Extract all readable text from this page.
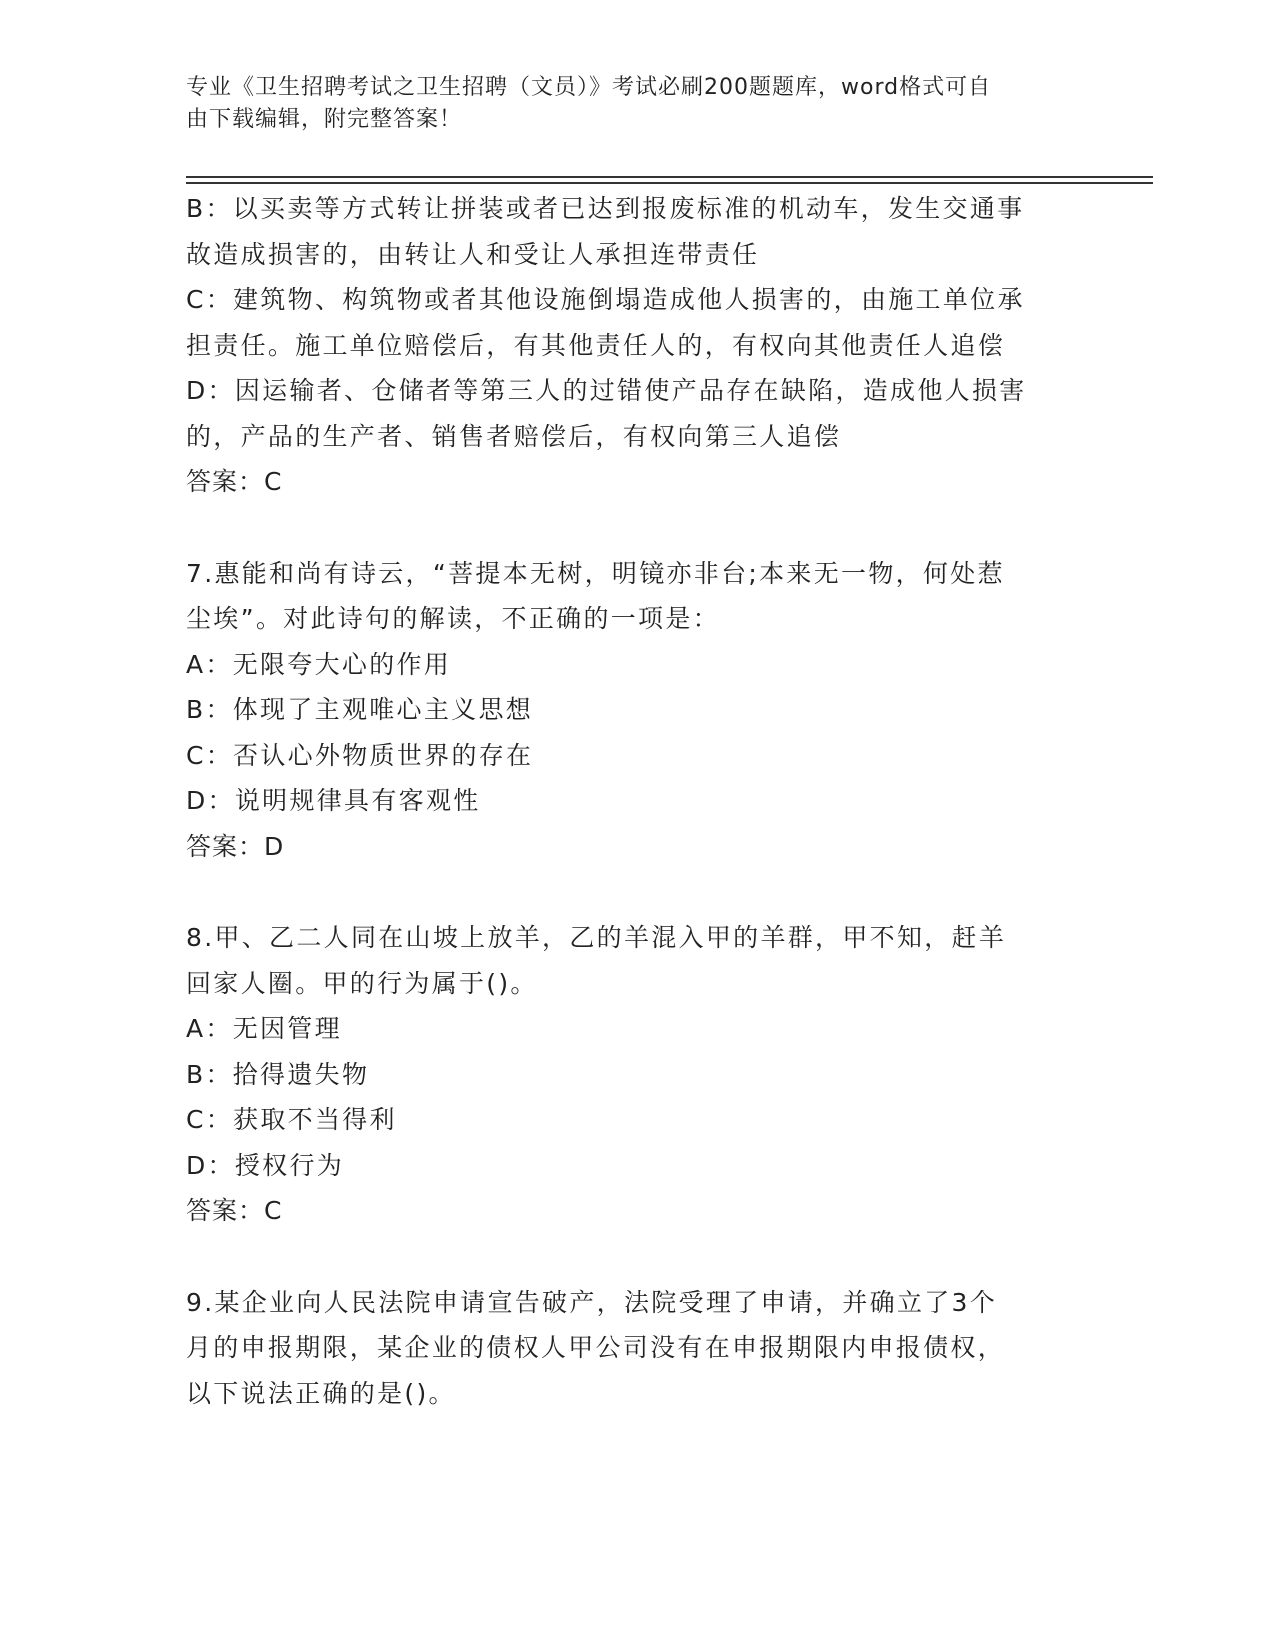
专业《卫生招聘考试之卫生招聘（文员）》考试必刷200题题库，word格式可自
由下载编辑，附完整答案！
B：以买卖等方式转让拼装或者已达到报废标准的机动车，发生交通事
故造成损害的，由转让人和受让人承担连带责任
C：建筑物、构筑物或者其他设施倒塌造成他人损害的，由施工单位承
担责任。施工单位赔偿后，有其他责任人的，有权向其他责任人追偿
D：因运输者、仓储者等第三人的过错使产品存在缺陷，造成他人损害
的，产品的生产者、销售者赔偿后，有权向第三人追偿
答案：C
7.惠能和尚有诗云，“菩提本无树，明镜亦非台;本来无一物，何处惹
尘埃”。对此诗句的解读，不正确的一项是：
A：无限夸大心的作用
B：体现了主观唯心主义思想
C：否认心外物质世界的存在
D：说明规律具有客观性
答案：D
8.甲、乙二人同在山坡上放羊，乙的羊混入甲的羊群，甲不知，赶羊
回家人圈。甲的行为属于()。
A：无因管理
B：拾得遗失物
C：获取不当得利
D：授权行为
答案：C
9.某企业向人民法院申请宣告破产，法院受理了申请，并确立了3个
月的申报期限，某企业的债权人甲公司没有在申报期限内申报债权，
以下说法正确的是()。
